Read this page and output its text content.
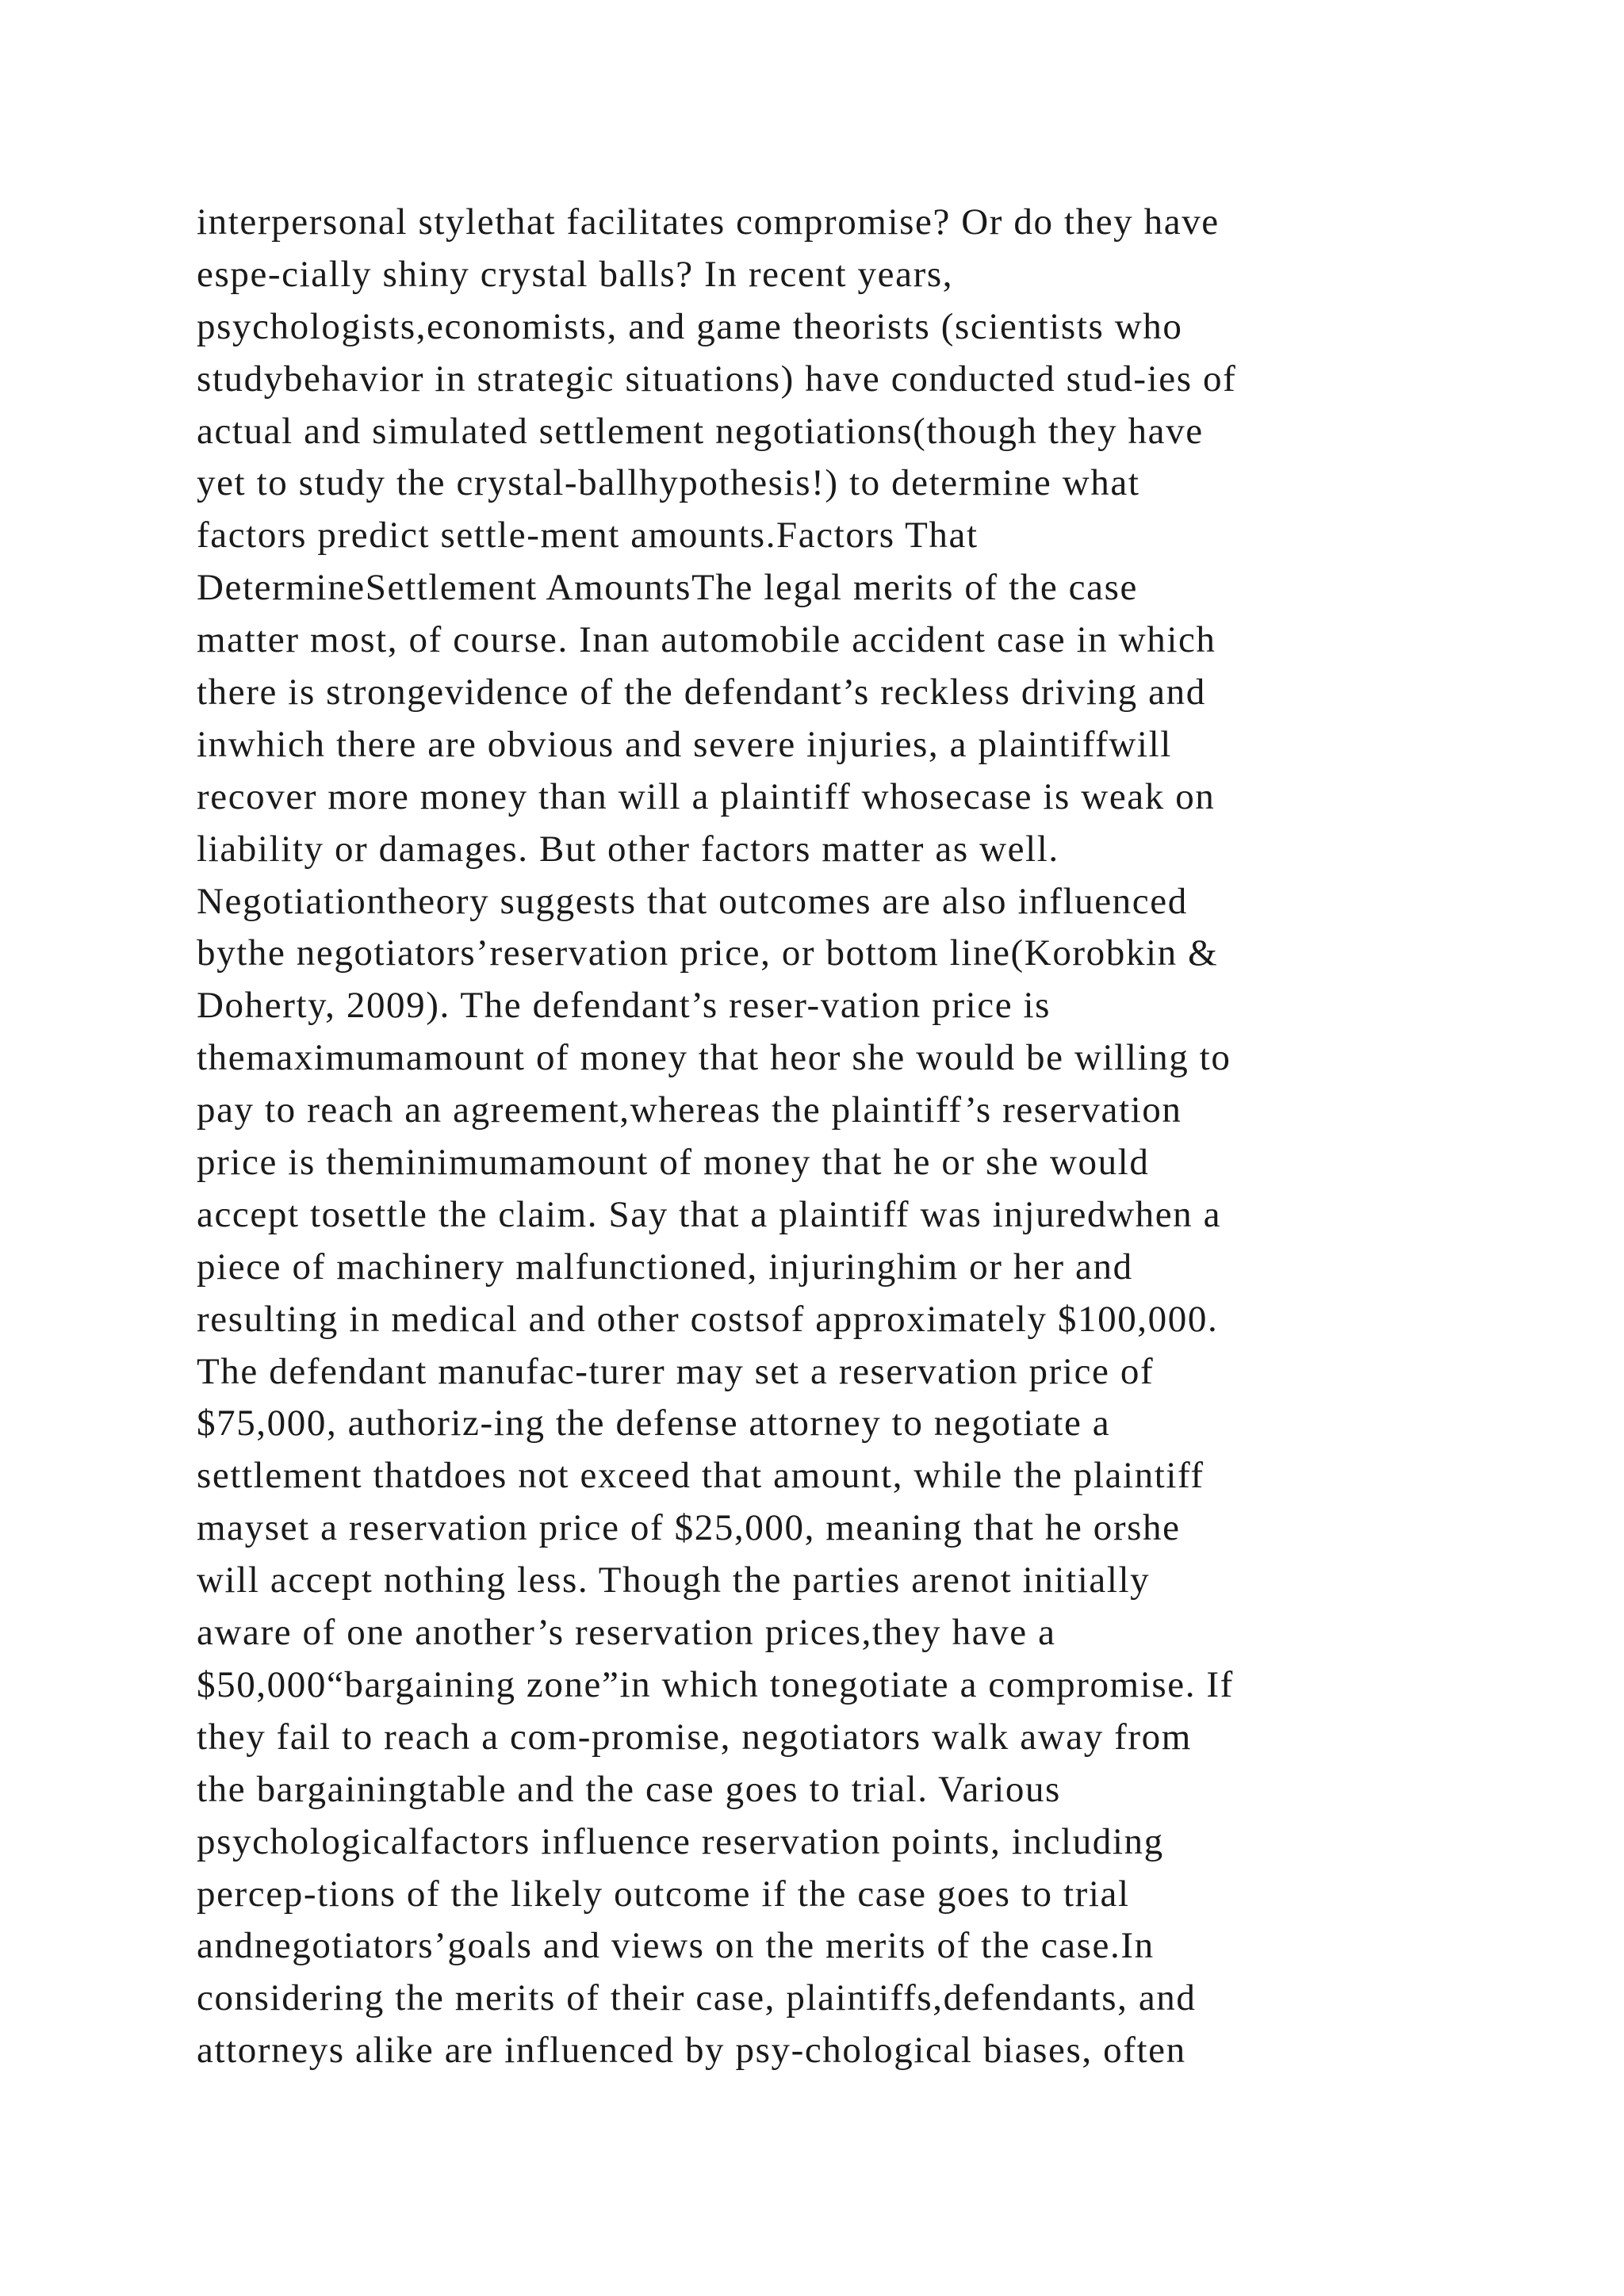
interpersonal stylethat facilitates compromise? Or do they have
espe-cially shiny crystal balls? In recent years,
psychologists,economists, and game theorists (scientists who
studybehavior in strategic situations) have conducted stud-ies of
actual and simulated settlement negotiations(though they have
yet to study the crystal-ballhypothesis!) to determine what
factors predict settle-ment amounts.Factors That
DetermineSettlement AmountsThe legal merits of the case
matter most, of course. Inan automobile accident case in which
there is strongevidence of the defendant’s reckless driving and
inwhich there are obvious and severe injuries, a plaintiffwill
recover more money than will a plaintiff whosecase is weak on
liability or damages. But other factors matter as well.
Negotiationtheory suggests that outcomes are also influenced
bythe negotiators’reservation price, or bottom line(Korobkin &
Doherty, 2009). The defendant’s reser-vation price is
themaximumamount of money that heor she would be willing to
pay to reach an agreement,whereas the plaintiff’s reservation
price is theminimumamount of money that he or she would
accept tosettle the claim. Say that a plaintiff was injuredwhen a
piece of machinery malfunctioned, injuringhim or her and
resulting in medical and other costsof approximately $100,000.
The defendant manufac-turer may set a reservation price of
$75,000, authoriz-ing the defense attorney to negotiate a
settlement thatdoes not exceed that amount, while the plaintiff
mayset a reservation price of $25,000, meaning that he orshe
will accept nothing less. Though the parties arenot initially
aware of one another’s reservation prices,they have a
$50,000“bargaining zone”in which tonegotiate a compromise. If
they fail to reach a com-promise, negotiators walk away from
the bargainingtable and the case goes to trial. Various
psychologicalfactors influence reservation points, including
percep-tions of the likely outcome if the case goes to trial
andnegotiators’goals and views on the merits of the case.In
considering the merits of their case, plaintiffs,defendants, and
attorneys alike are influenced by psy-chological biases, often
